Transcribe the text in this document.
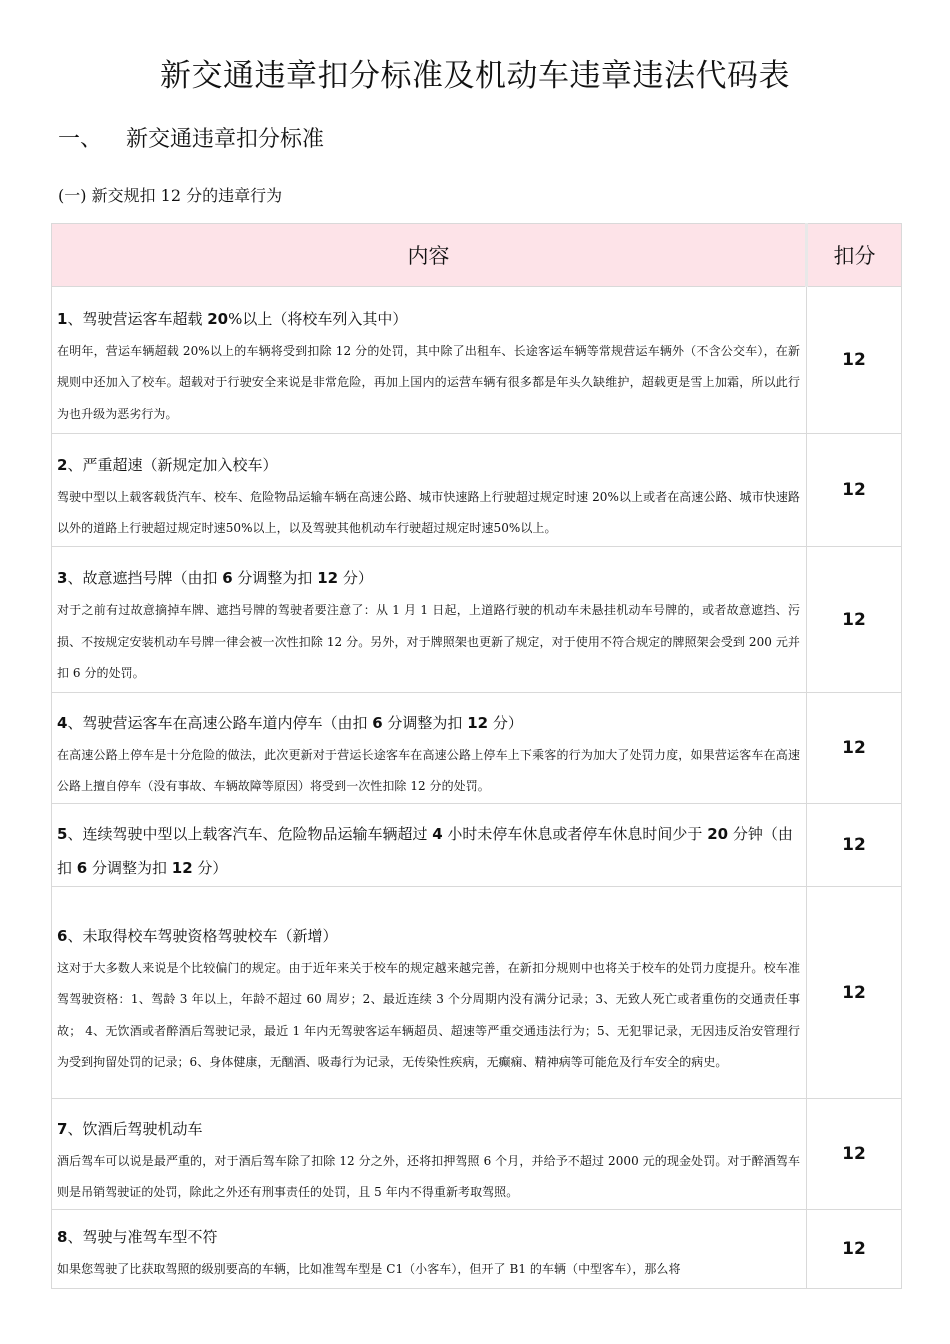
新交通违章扣分标准及机动车违章违法代码表
一、 新交通违章扣分标准
(一) 新交规扣 12 分的违章行为
内容	扣分

1、驾驶营运客车超载 20%以上（将校车列入其中）
在明年，营运车辆超载 20%以上的车辆将受到扣除 12 分的处罚，其中除了出租车、长途客运车辆等常规营运车辆外（不含公交车），在新规则中还加入了校车。超载对于行驶安全来说是非常危险，再加上国内的运营车辆有很多都是年头久缺维护，超载更是雪上加霜，所以此行为也升级为恶劣行为。	12

2、严重超速（新规定加入校车）
驾驶中型以上载客载货汽车、校车、危险物品运输车辆在高速公路、城市快速路上行驶超过规定时速 20%以上或者在高速公路、城市快速路以外的道路上行驶超过规定时速50%以上，以及驾驶其他机动车行驶超过规定时速50%以上。	12

3、故意遮挡号牌（由扣 6 分调整为扣 12 分）
对于之前有过故意摘掉车牌、遮挡号牌的驾驶者要注意了：从 1 月 1 日起，上道路行驶的机动车未悬挂机动车号牌的，或者故意遮挡、污损、不按规定安装机动车号牌一律会被一次性扣除 12 分。另外，对于牌照架也更新了规定，对于使用不符合规定的牌照架会受到 200 元并扣 6 分的处罚。	12

4、驾驶营运客车在高速公路车道内停车（由扣 6 分调整为扣 12 分）
在高速公路上停车是十分危险的做法，此次更新对于营运长途客车在高速公路上停车上下乘客的行为加大了处罚力度，如果营运客车在高速公路上擅自停车（没有事故、车辆故障等原因）将受到一次性扣除 12 分的处罚。	12

5、连续驾驶中型以上载客汽车、危险物品运输车辆超过 4 小时未停车休息或者停车休息时间少于 20 分钟（由扣 6 分调整为扣 12 分）	12

6、未取得校车驾驶资格驾驶校车（新增）
这对于大多数人来说是个比较偏门的规定。由于近年来关于校车的规定越来越完善，在新扣分规则中也将关于校车的处罚力度提升。校车准驾驾驶资格：1、驾龄 3 年以上，年龄不超过 60 周岁；2、最近连续 3 个分周期内没有满分记录；3、无致人死亡或者重伤的交通责任事故； 4、无饮酒或者醉酒后驾驶记录，最近 1 年内无驾驶客运车辆超员、超速等严重交通违法行为；5、无犯罪记录，无因违反治安管理行为受到拘留处罚的记录；6、身体健康，无酗酒、吸毒行为记录，无传染性疾病，无癫痫、精神病等可能危及行车安全的病史。	12

7、饮酒后驾驶机动车
酒后驾车可以说是最严重的，对于酒后驾车除了扣除 12 分之外，还将扣押驾照 6 个月，并给予不超过 2000 元的现金处罚。对于醉酒驾车则是吊销驾驶证的处罚，除此之外还有刑事责任的处罚，且 5 年内不得重新考取驾照。	12

8、驾驶与准驾车型不符
如果您驾驶了比获取驾照的级别要高的车辆，比如准驾车型是 C1（小客车），但开了 B1 的车辆（中型客车），那么将	12
